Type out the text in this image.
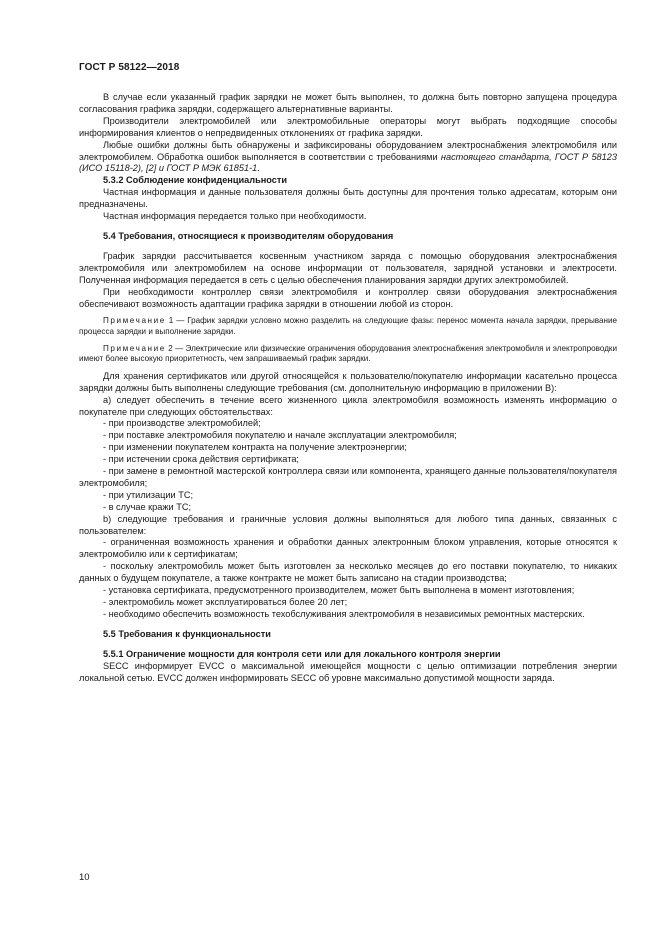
ГОСТ Р 58122—2018

В случае если указанный график зарядки не может быть выполнен, то должна быть повторно запущена процедура согласования графика зарядки, содержащего альтернативные варианты.

Производители электромобилей или электромобильные операторы могут выбрать подходящие способы информирования клиентов о непредвиденных отклонениях от графика зарядки.

Любые ошибки должны быть обнаружены и зафиксированы оборудованием электроснабжения электромобиля или электромобилем. Обработка ошибок выполняется в соответствии с требованиями настоящего стандарта, ГОСТ Р 58123 (ИСО 15118-2), [2] и ГОСТ Р МЭК 61851-1.

5.3.2 Соблюдение конфиденциальности

Частная информация и данные пользователя должны быть доступны для прочтения только адресатам, которым они предназначены.

Частная информация передается только при необходимости.

5.4 Требования, относящиеся к производителям оборудования

График зарядки рассчитывается косвенным участником заряда с помощью оборудования электроснабжения электромобиля или электромобилем на основе информации от пользователя, зарядной установки и электросети. Полученная информация передается в сеть с целью обеспечения планирования зарядки других электромобилей.

При необходимости контроллер связи электромобиля и контроллер связи оборудования электроснабжения обеспечивают возможность адаптации графика зарядки в отношении любой из сторон.

Примечание 1 — График зарядки условно можно разделить на следующие фазы: перенос момента начала зарядки, прерывание процесса зарядки и выполнение зарядки.

Примечание 2 — Электрические или физические ограничения оборудования электроснабжения электромобиля и электропроводки имеют более высокую приоритетность, чем запрашиваемый график зарядки.

Для хранения сертификатов или другой относящейся к пользователю/покупателю информации касательно процесса зарядки должны быть выполнены следующие требования (см. дополнительную информацию в приложении В):

а) следует обеспечить в течение всего жизненного цикла электромобиля возможность изменять информацию о покупателе при следующих обстоятельствах:

- при производстве электромобилей;

- при поставке электромобиля покупателю и начале эксплуатации электромобиля;

- при изменении покупателем контракта на получение электроэнергии;

- при истечении срока действия сертификата;

- при замене в ремонтной мастерской контроллера связи или компонента, хранящего данные пользователя/покупателя электромобиля;

- при утилизации ТС;

- в случае кражи ТС;

b) следующие требования и граничные условия должны выполняться для любого типа данных, связанных с пользователем:

- ограниченная возможность хранения и обработки данных электронным блоком управления, которые относятся к электромобилю или к сертификатам;

- поскольку электромобиль может быть изготовлен за несколько месяцев до его поставки покупателю, то никаких данных о будущем покупателе, а также контракте не может быть записано на стадии производства;

- установка сертификата, предусмотренного производителем, может быть выполнена в момент изготовления;

- электромобиль может эксплуатироваться более 20 лет;

- необходимо обеспечить возможность техобслуживания электромобиля в независимых ремонтных мастерских.

5.5 Требования к функциональности

5.5.1 Ограничение мощности для контроля сети или для локального контроля энергии

SECC информирует EVCC о максимальной имеющейся мощности с целью оптимизации потребления энергии локальной сетью. EVCC должен информировать SECC об уровне максимально допустимой мощности заряда.

10
